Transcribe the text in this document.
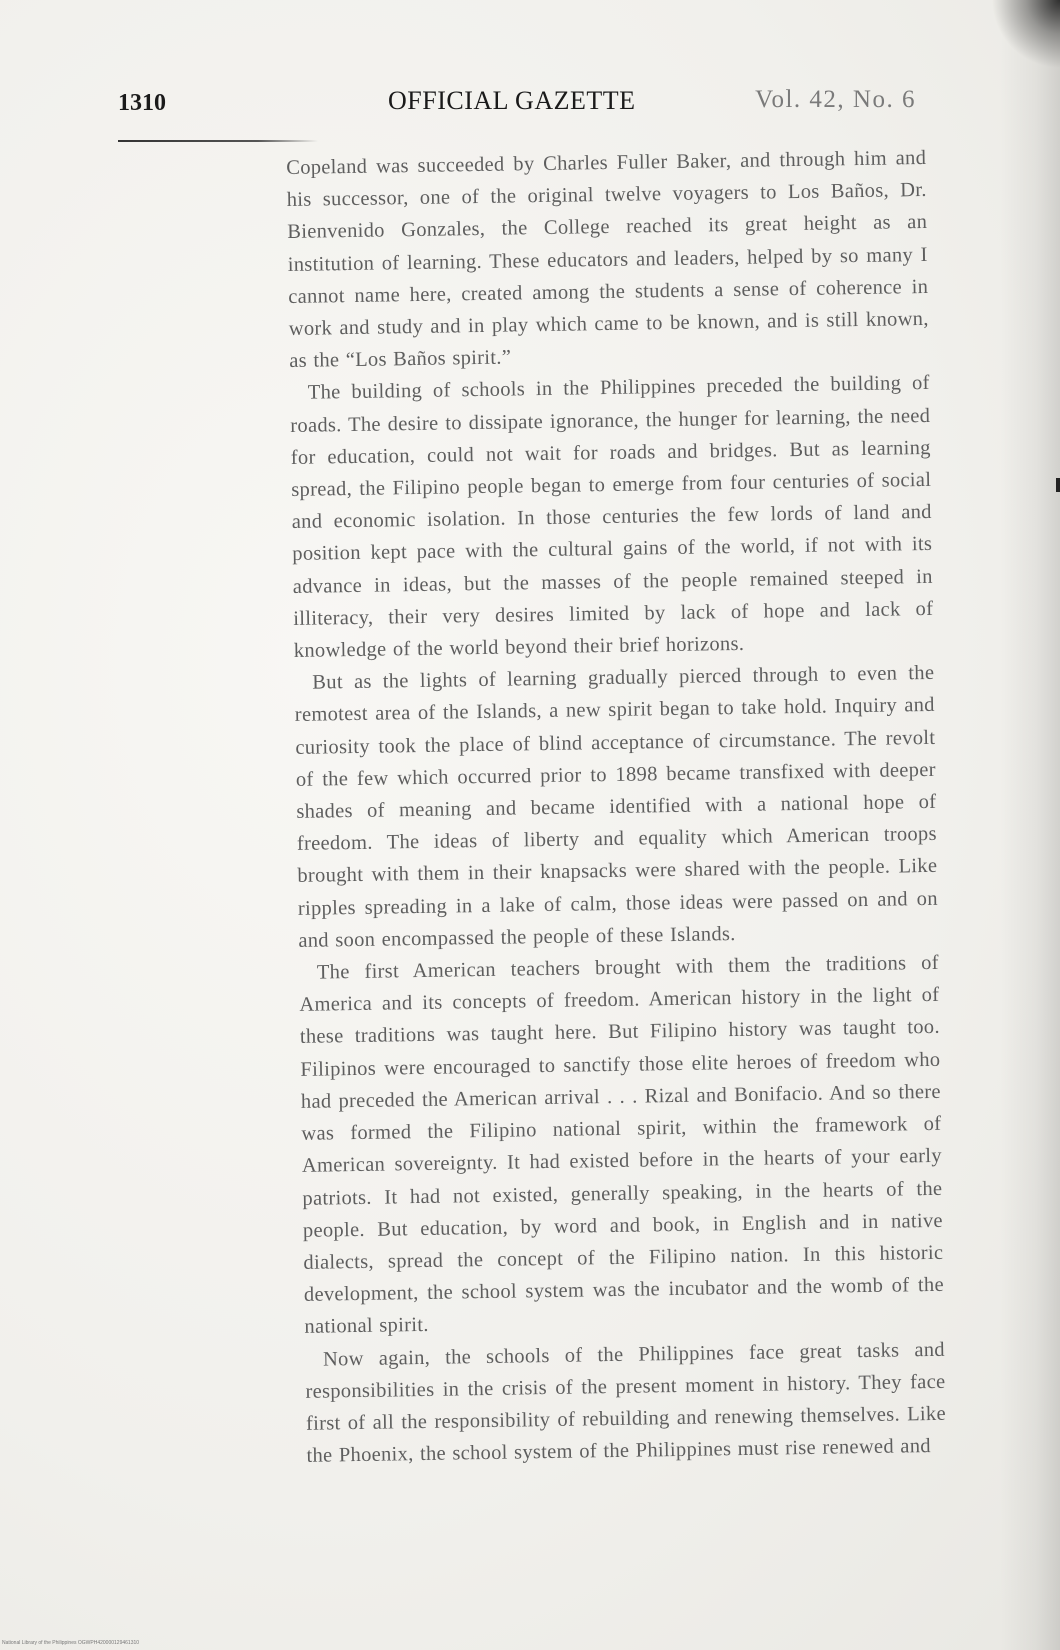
1310	OFFICIAL GAZETTE	Vol. 42, No. 6

Copeland was succeeded by Charles Fuller Baker, and through him and his successor, one of the original twelve voyagers to Los Baños, Dr. Bienvenido Gonzales, the College reached its great height as an institution of learning. These educators and leaders, helped by so many I cannot name here, created among the students a sense of coherence in work and study and in play which came to be known, and is still known, as the “Los Baños spirit.”

The building of schools in the Philippines preceded the building of roads. The desire to dissipate ignorance, the hunger for learning, the need for education, could not wait for roads and bridges. But as learning spread, the Filipino people began to emerge from four centuries of social and economic isolation. In those centuries the few lords of land and position kept pace with the cultural gains of the world, if not with its advance in ideas, but the masses of the people remained steeped in illiteracy, their very desires limited by lack of hope and lack of knowledge of the world beyond their brief horizons.

But as the lights of learning gradually pierced through to even the remotest area of the Islands, a new spirit began to take hold. Inquiry and curiosity took the place of blind acceptance of circumstance. The revolt of the few which occurred prior to 1898 became transfixed with deeper shades of meaning and became identified with a national hope of freedom. The ideas of liberty and equality which American troops brought with them in their knapsacks were shared with the people. Like ripples spreading in a lake of calm, those ideas were passed on and on and soon encompassed the people of these Islands.

The first American teachers brought with them the traditions of America and its concepts of freedom. American history in the light of these traditions was taught here. But Filipino history was taught too. Filipinos were encouraged to sanctify those elite heroes of freedom who had preceded the American arrival . . . Rizal and Bonifacio. And so there was formed the Filipino national spirit, within the framework of American sovereignty. It had existed before in the hearts of your early patriots. It had not existed, generally speaking, in the hearts of the people. But education, by word and book, in English and in native dialects, spread the concept of the Filipino nation. In this historic development, the school system was the incubator and the womb of the national spirit.

Now again, the schools of the Philippines face great tasks and responsibilities in the crisis of the present moment in history. They face first of all the responsibility of rebuilding and renewing themselves. Like the Phoenix, the school system of the Philippines must rise renewed and

National Library of the Philippines OGWPH420000129461310
